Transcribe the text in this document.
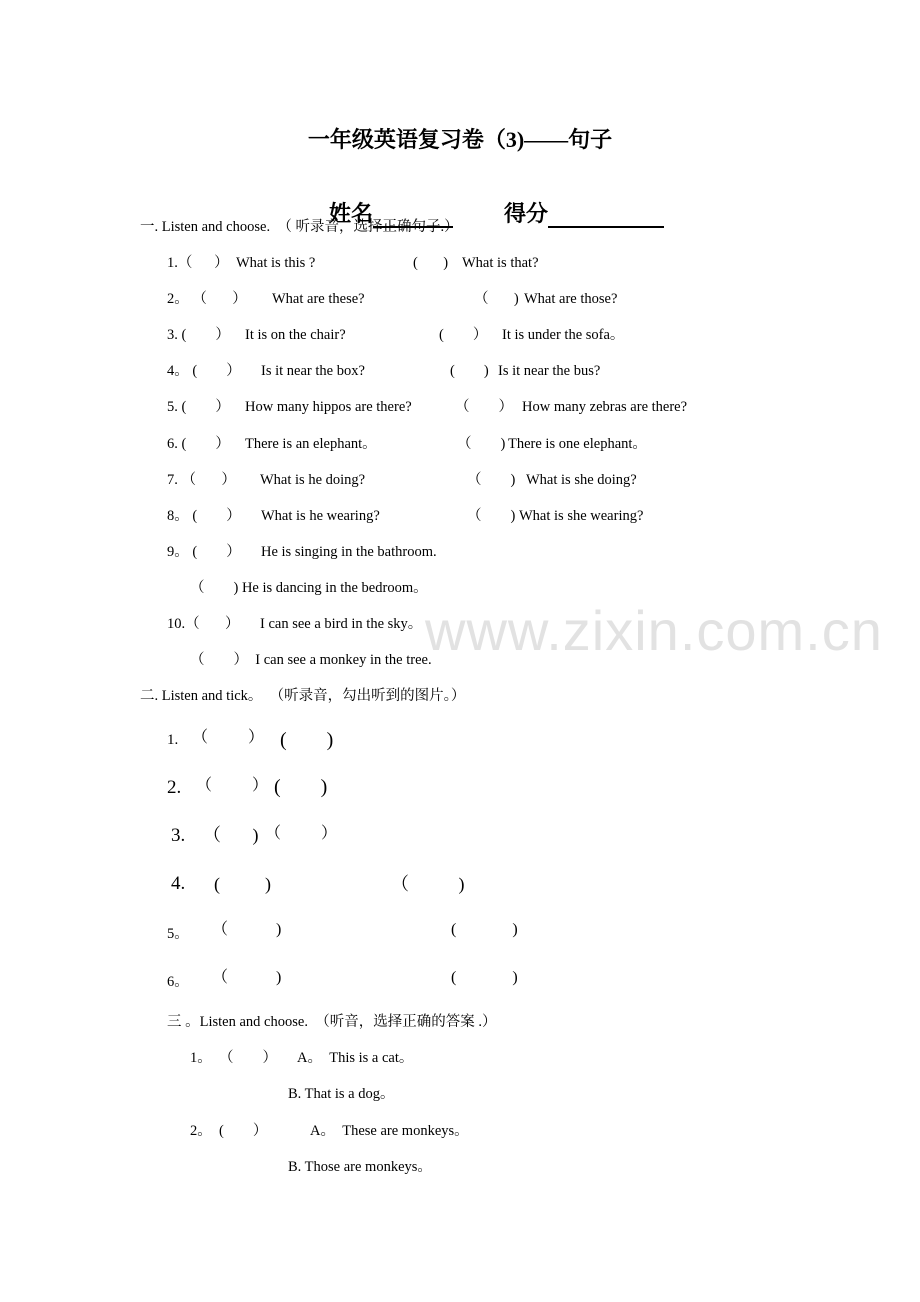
www.zixin.com.cn
一年级英语复习卷（3)——句子

姓名	得分

一. Listen and choose.  （ 听录音，选择正确句子.）
1.（      ） What is this ?	(       ) What is that?
2。 （       ） What are these?	（       ) What are those?
3. (        ） It is on the chair?	(        ） It is under the sofa。
4。 (        ） Is it near the box?	(        ) Is it near the bus?
5. (        ） How many hippos are there?	（        ） How many zebras are there?
6. (        ） There is an elephant。	（        ) There is one elephant。
7. （       ） What is he doing?	（        ) What is she doing?
8。 (        ） What is he wearing?	（        ) What is she wearing?
9。 (        ） He is singing in the bathroom.
（        ) He is dancing in the bedroom。
10.（       ） I can see a bird in the sky。
（        ）  I can see a monkey in the tree.
二. Listen and tick。  （听录音，勾出听到的图片。）
1. （          ） (        )
2. （          ） (        )
3. （       ) （          ）
4. (          )	（           )
5。 （            )	(              )
6。 （            )	(              )
三 。Listen and choose.  （听音，选择正确的答案 .）
1。  （        ） A。  This is a cat。
B. That is a dog。
2。  (        ）	A。  These are monkeys。
B. Those are monkeys。
